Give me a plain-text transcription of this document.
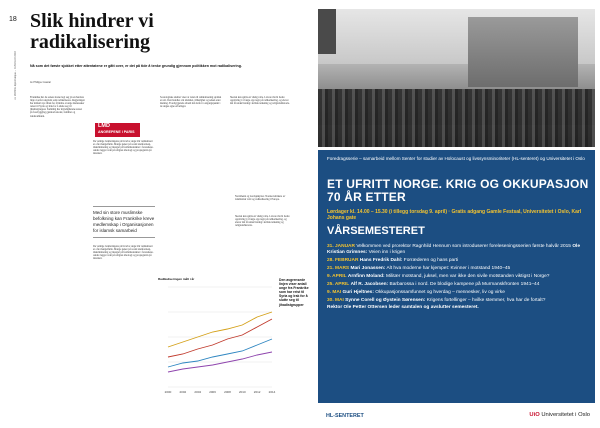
18
LE MONDE diplomatique – FEBRUAR 2016
Slik hindrer vi radikalisering
Nå som det første sjokket etter attentatene er gått over, er det på tide å tenke grundig gjennom politikken mot radikalisering.
Av Philippe Coastal
Frankrike har de senere årene lagt seg på en hardere linje overfor ungdom som radikaliseres. Regjeringen har innført nye tiltak for å hindre at unge mennesker reiser til Syria og Irak for å slutte seg til jihadistgrupper. Samtidig har myndighetene satset på forebygging gjennom skoler, familier og lokalsamfunn.
LMD
ANGREPENE I PARIS
De vanlige forklaringene på hvorfor unge blir radikalisert er ofte mangelfulle. Mange peker på sosial utenforskap, diskriminering og mangel på fremtidsutsikter i forstedene. Andre legger vekt på religiøs ideologi og propaganda på internett.
Med sin store muslimske befolkning kan Frankrike kreve medlemskap i Organisasjonen for islamsk samarbeid
De vanlige forklaringene på hvorfor unge blir radikalisert er ofte mangelfulle. Mange peker på sosial utenforskap, diskriminering og mangel på fremtidsutsikter i forstedene. Andre legger vekt på religiøs ideologi og propaganda på internett.
Sosiologiske studier viser at veien til radikalisering sjelden er rett. Den handler om identitet, tilhørighet og søken etter mening. Forebyggende arbeid må derfor ta utgangspunkt i de unges egne erfaringer.
Skolen kan spille en viktig rolle. Lærere må få bedre opplæring i å fange opp tegn på radikalisering, og elever må få undervisning i kritisk tenkning og religionshistorie.
Nordmenn og nordsjøkyster. Norske kritikere av islamistisk vold og radikalisering i Europa.
Skolen kan spille en viktig rolle. Lærere må få bedre opplæring i å fange opp tegn på radikalisering, og elever må få undervisning i kritisk tenkning og religionshistorie.
Radikaliseringen målt i år
2000	2002	2004	2006	2008	2010	2012	2014
Den avgrensede linjen viser antall unge fra Frankrike som har reist til Syria og Irak for å slutte seg til jihadistgrupper
Foredragsserie – samarbeid mellom Senter for studier av Holocaust og livssynsminoriteter (HL-senteret) og Universitetet i Oslo
ET UFRITT NORGE. KRIG OG OKKUPASJON 70 ÅR ETTER
Lørdager kl. 14.00 – 15.30 (i tillegg torsdag 9. april) · Gratis adgang Gamle Festsal, Universitetet i Oslo, Karl Johans gate
VÅRSEMESTERET
31. JANUAR Velkommen ved prorektor Ragnhild Hennum som introduserer foreleseningsserien første halvår 2015 Ole Kristian Grimnes: Veien inn i krigen
28. FEBRUAR Hans Fredrik Dahl: Forræderen og hans parti
21. MARS Mari Jonassen: Alt hva moderne har kjempet: Kvinner i motstand 1940–45
9. APRIL Arnfinn Moland: Militær motstand, juksel, men var ikke den sivile motstanden viktigst i Norge?
25. APRIL Alf R. Jacobsen: Barbarossa i nord. De blodige kampene på Murmanskfronten 1941–44
9. MAI Guri Hjeltnes: Okkupasjonssamfunnet og hverdag – mennesker, liv og virke
30. MAI Synne Corell og Øystein Sørensen: Krigens fortellinger – hvilke stemmer, hva har de fortalt?
Rektor Ole Petter Ottersen leder samtalen og avslutter semesteret.
HL-SENTERET	UiO Universitetet i Oslo
